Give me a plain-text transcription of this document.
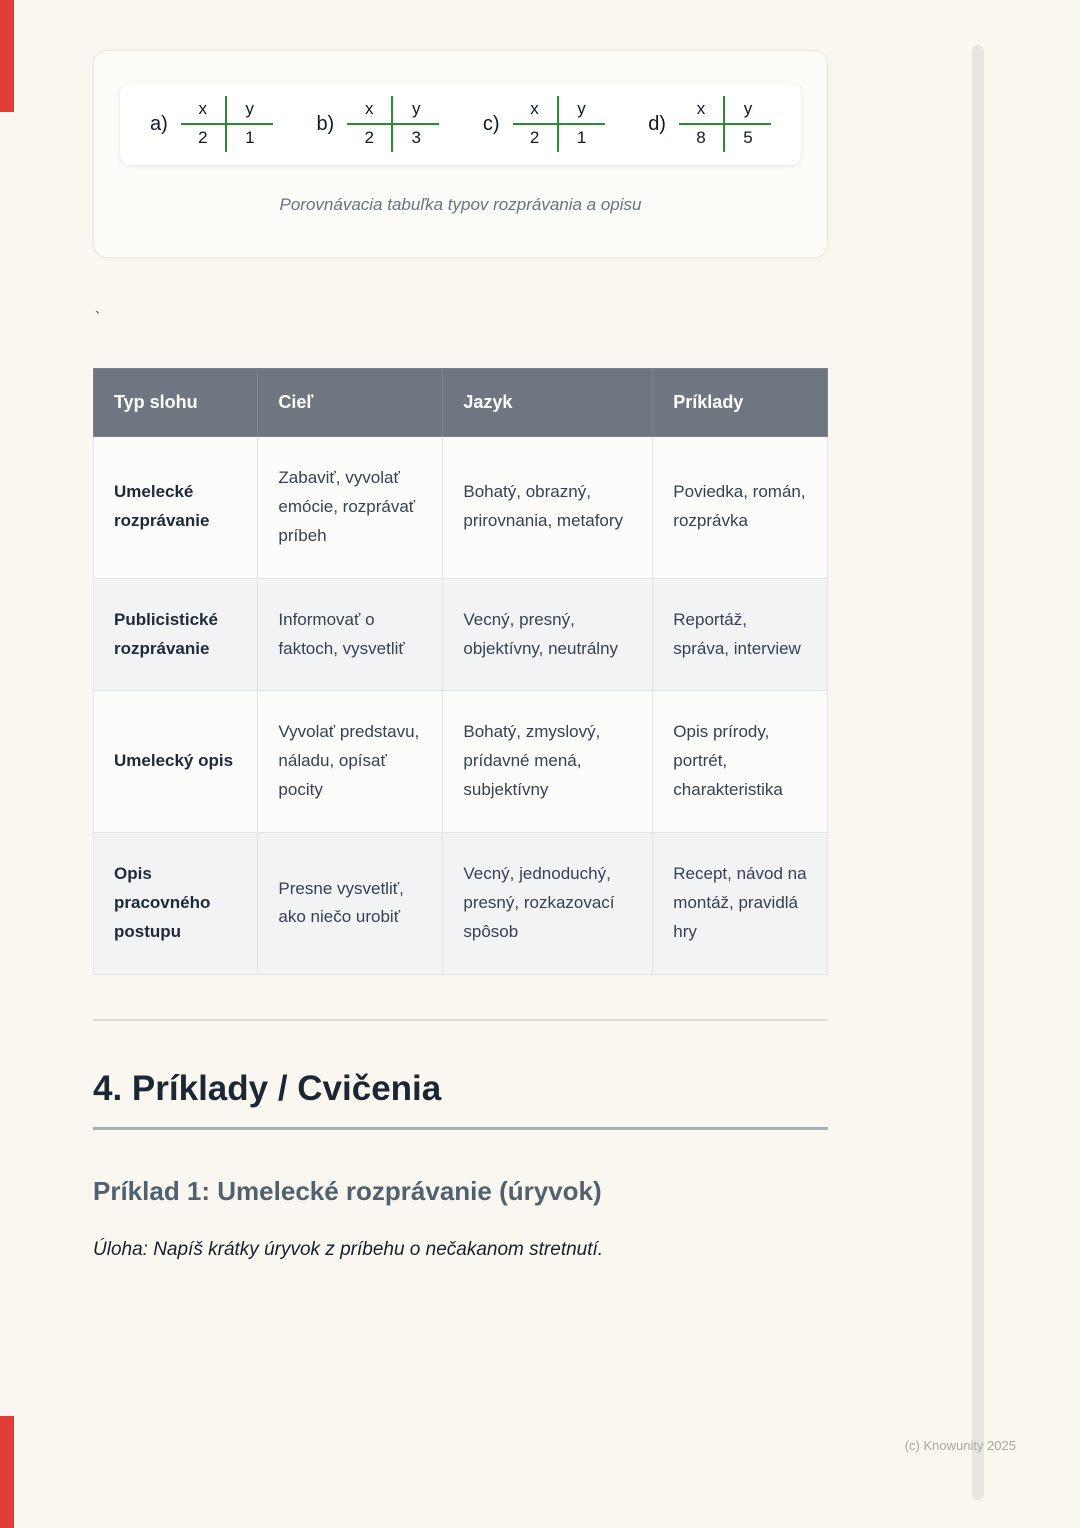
a)
x	y
2	1
b)
x	y
2	3
c)
x	y
2	1
d)
x	y
8	5
Porovnávacia tabuľka typov rozprávania a opisu
`
Typ slohu	Cieľ	Jazyk	Príklady
Umelecké rozprávanie	Zabaviť, vyvolať emócie, rozprávať príbeh	Bohatý, obrazný, prirovnania, metafory	Poviedka, román, rozprávka
Publicistické rozprávanie	Informovať o faktoch, vysvetliť	Vecný, presný, objektívny, neutrálny	Reportáž, správa, interview
Umelecký opis	Vyvolať predstavu, náladu, opísať pocity	Bohatý, zmyslový, prídavné mená, subjektívny	Opis prírody, portrét, charakteristika
Opis pracovného postupu	Presne vysvetliť, ako niečo urobiť	Vecný, jednoduchý, presný, rozkazovací spôsob	Recept, návod na montáž, pravidlá hry
4. Príklady / Cvičenia
Príklad 1: Umelecké rozprávanie (úryvok)

Úloha: Napíš krátky úryvok z príbehu o nečakanom stretnutí.

(c) Knowunity 2025
